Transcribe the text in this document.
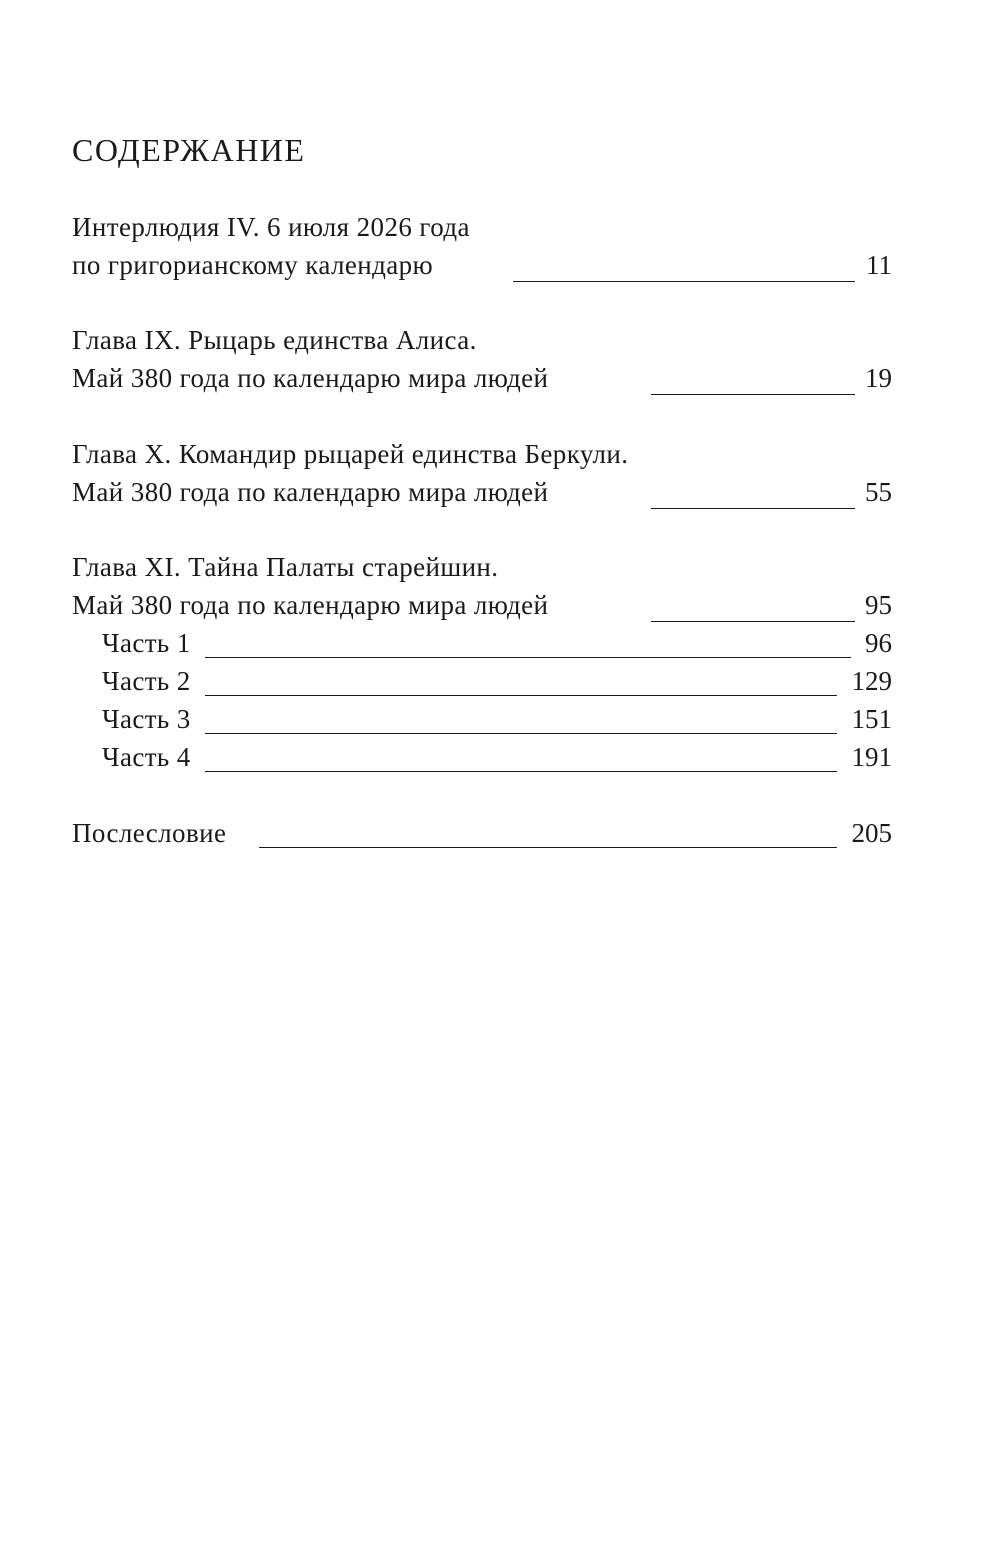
СОДЕРЖАНИЕ
Интерлюдия IV. 6 июля 2026 года
по григорианскому календарю	11
Глава IX. Рыцарь единства Алиса.
Май 380 года по календарю мира людей	19
Глава X. Командир рыцарей единства Беркули.
Май 380 года по календарю мира людей	55
Глава XI. Тайна Палаты старейшин.
Май 380 года по календарю мира людей	95
Часть 1	96
Часть 2	129
Часть 3	151
Часть 4	191
Послесловие	205
